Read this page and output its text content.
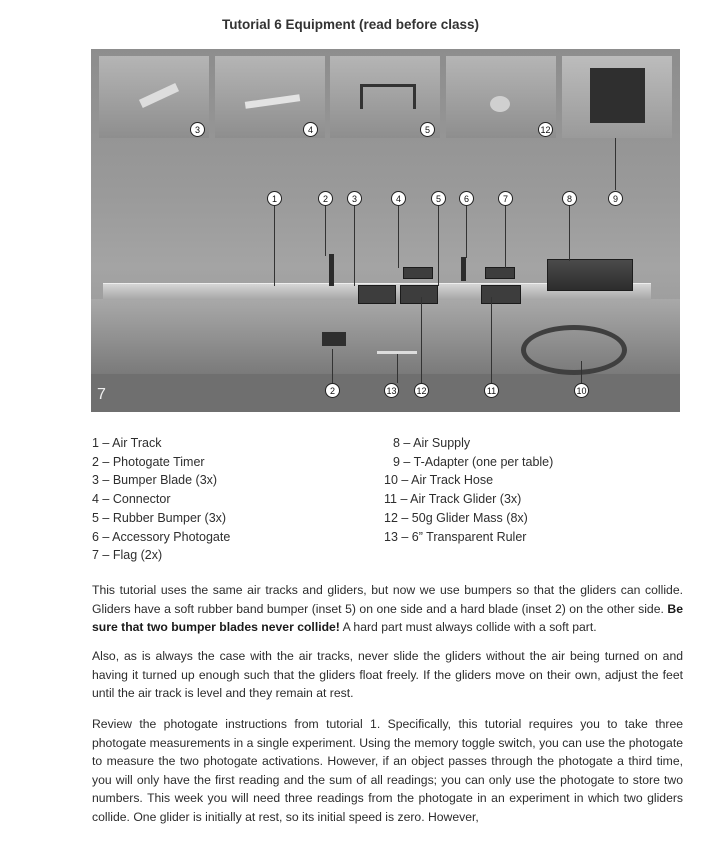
Tutorial 6 Equipment (read before class)
3	4	5	12
1	2	3	4	5	6	7	8	9
2	13 12	11	10
7
1 – Air Track
2 – Photogate Timer
3 – Bumper Blade (3x)
4 – Connector
5 – Rubber Bumper (3x)
6 – Accessory Photogate
7 – Flag (2x)
8 – Air Supply
9 – T-Adapter (one per table)
10 – Air Track Hose
11 – Air Track Glider (3x)
12 – 50g Glider Mass (8x)
13 – 6” Transparent Ruler
This tutorial uses the same air tracks and gliders, but now we use bumpers so that the gliders can collide. Gliders have a soft rubber band bumper (inset 5) on one side and a hard blade (inset 2) on the other side. Be sure that two bumper blades never collide! A hard part must always collide with a soft part.
Also, as is always the case with the air tracks, never slide the gliders without the air being turned on and having it turned up enough such that the gliders float freely. If the gliders move on their own, adjust the feet until the air track is level and they remain at rest.
Review the photogate instructions from tutorial 1. Specifically, this tutorial requires you to take three photogate measurements in a single experiment. Using the memory toggle switch, you can use the photogate to measure the two photogate activations. However, if an object passes through the photogate a third time, you will only have the first reading and the sum of all readings; you can only use the photogate to store two numbers. This week you will need three readings from the photogate in an experiment in which two gliders collide. One glider is initially at rest, so its initial speed is zero. However,
